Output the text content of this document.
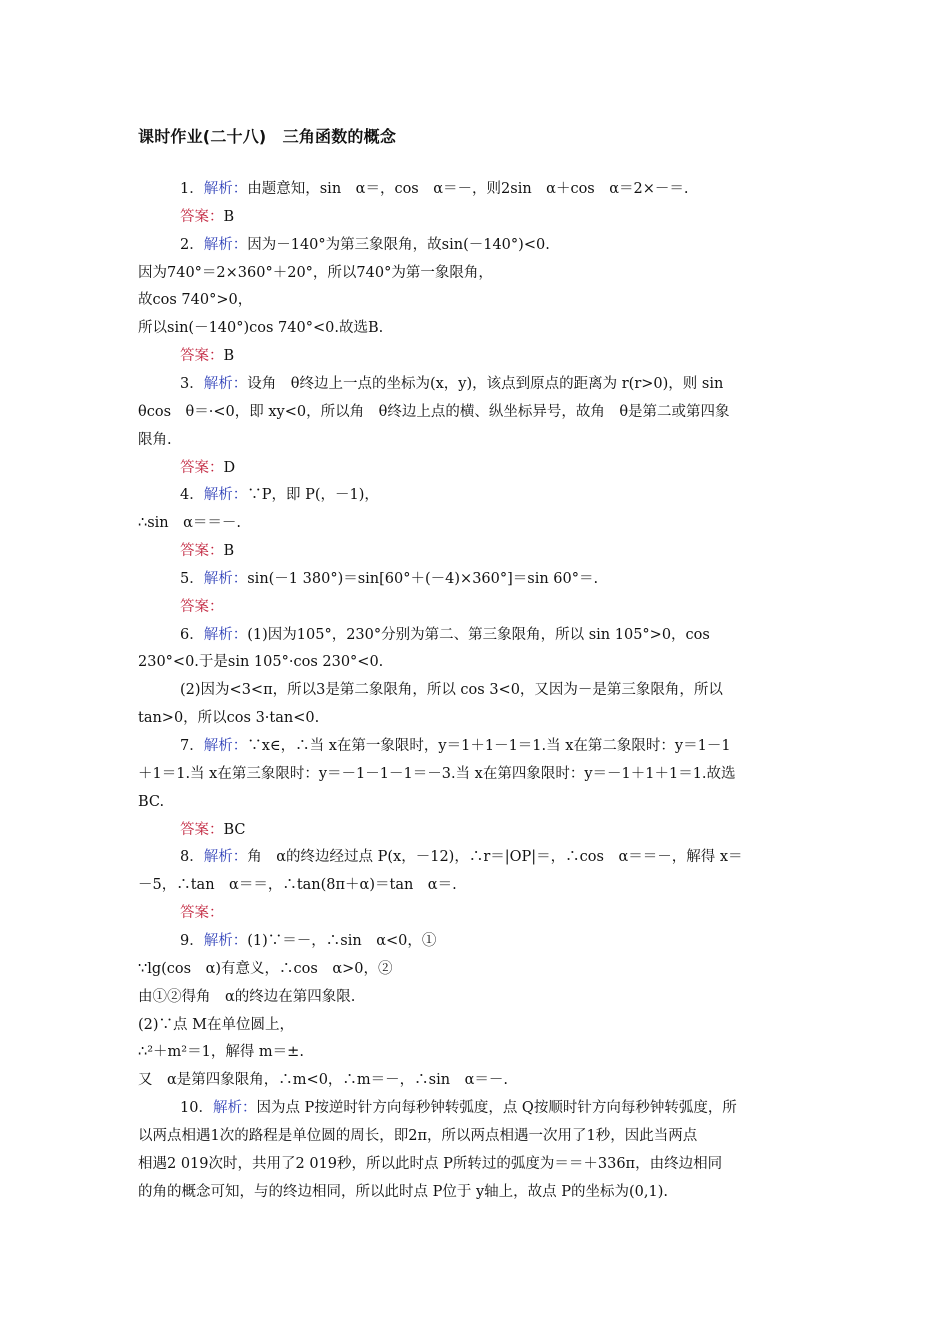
课时作业(二十八)　三角函数的概念
1．解析：由题意知，sin　α＝，cos　α＝－，则2sin　α＋cos　α＝2×－＝.
答案：B
2．解析：因为－140°为第三象限角，故sin(－140°)<0.
因为740°＝2×360°＋20°，所以740°为第一象限角，
故cos 740°>0，
所以sin(－140°)cos 740°<0.故选B.
答案：B
3．解析：设角　θ终边上一点的坐标为(x，y)，该点到原点的距离为 r(r>0)，则 sin
θcos　θ＝·<0，即 xy<0，所以角　θ终边上点的横、纵坐标异号，故角　θ是第二或第四象
限角.
答案：D
4．解析：∵P，即 P(，－1)，
∴sin　α＝＝－.
答案：B
5．解析：sin(－1 380°)＝sin[60°＋(－4)×360°]＝sin 60°＝.
答案：
6．解析：(1)因为105°，230°分别为第二、第三象限角，所以 sin 105°>0，cos
230°<0.于是sin 105°·cos 230°<0.
(2)因为<3<π，所以3是第二象限角，所以 cos 3<0，又因为－是第三象限角，所以
tan>0，所以cos 3·tan<0.
7．解析：∵x∈，∴当 x在第一象限时，y＝1＋1－1＝1.当 x在第二象限时：y＝1－1
＋1＝1.当 x在第三象限时：y＝－1－1－1＝－3.当 x在第四象限时：y＝－1＋1＋1＝1.故选
BC.
答案：BC
8．解析：角　α的终边经过点 P(x，－12)，∴r＝|OP|＝，∴cos　α＝＝－，解得 x＝
－5，∴tan　α＝＝，∴tan(8π＋α)＝tan　α＝.
答案：
9．解析：(1)∵＝－，∴sin　α<0，①
∵lg(cos　α)有意义，∴cos　α>0，②
由①②得角　α的终边在第四象限.
(2)∵点 M在单位圆上，
∴²＋m²＝1，解得 m＝±.
又　α是第四象限角，∴m<0，∴m＝－，∴sin　α＝－.
10．解析：因为点 P按逆时针方向每秒钟转弧度，点 Q按顺时针方向每秒钟转弧度，所
以两点相遇1次的路程是单位圆的周长，即2π，所以两点相遇一次用了1秒，因此当两点
相遇2 019次时，共用了2 019秒，所以此时点 P所转过的弧度为＝＝＋336π，由终边相同
的角的概念可知，与的终边相同，所以此时点 P位于 y轴上，故点 P的坐标为(0,1).
